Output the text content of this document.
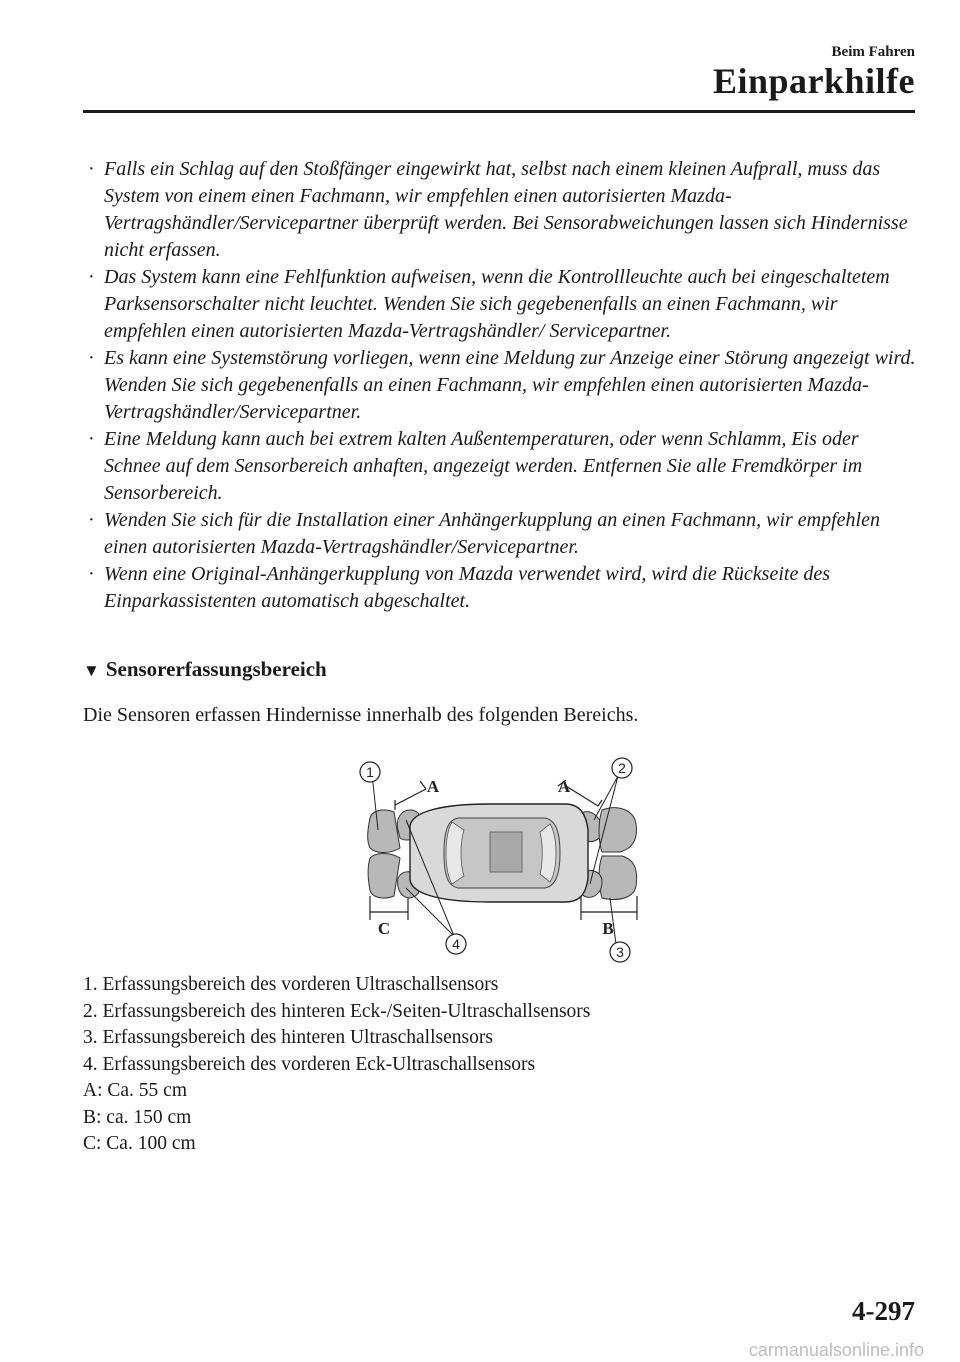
Beim Fahren
Einparkhilfe
· Falls ein Schlag auf den Stoßfänger eingewirkt hat, selbst nach einem kleinen Aufprall, muss das System von einem einen Fachmann, wir empfehlen einen autorisierten Mazda-Vertragshändler/Servicepartner überprüft werden. Bei Sensorabweichungen lassen sich Hindernisse nicht erfassen.
· Das System kann eine Fehlfunktion aufweisen, wenn die Kontrollleuchte auch bei eingeschaltetem Parksensorschalter nicht leuchtet. Wenden Sie sich gegebenenfalls an einen Fachmann, wir empfehlen einen autorisierten Mazda-Vertragshändler/ Servicepartner.
· Es kann eine Systemstörung vorliegen, wenn eine Meldung zur Anzeige einer Störung angezeigt wird. Wenden Sie sich gegebenenfalls an einen Fachmann, wir empfehlen einen autorisierten Mazda-Vertragshändler/Servicepartner.
· Eine Meldung kann auch bei extrem kalten Außentemperaturen, oder wenn Schlamm, Eis oder Schnee auf dem Sensorbereich anhaften, angezeigt werden. Entfernen Sie alle Fremdkörper im Sensorbereich.
· Wenden Sie sich für die Installation einer Anhängerkupplung an einen Fachmann, wir empfehlen einen autorisierten Mazda-Vertragshändler/Servicepartner.
· Wenn eine Original-Anhängerkupplung von Mazda verwendet wird, wird die Rückseite des Einparkassistenten automatisch abgeschaltet.
▼ Sensorerfassungsbereich
Die Sensoren erfassen Hindernisse innerhalb des folgenden Bereichs.
1	2
3
4
A	A
B
C
1. Erfassungsbereich des vorderen Ultraschallsensors
2. Erfassungsbereich des hinteren Eck-/Seiten-Ultraschallsensors
3. Erfassungsbereich des hinteren Ultraschallsensors
4. Erfassungsbereich des vorderen Eck-Ultraschallsensors
A: Ca. 55 cm
B: ca. 150 cm
C: Ca. 100 cm
4-297
carmanualsonline.info
